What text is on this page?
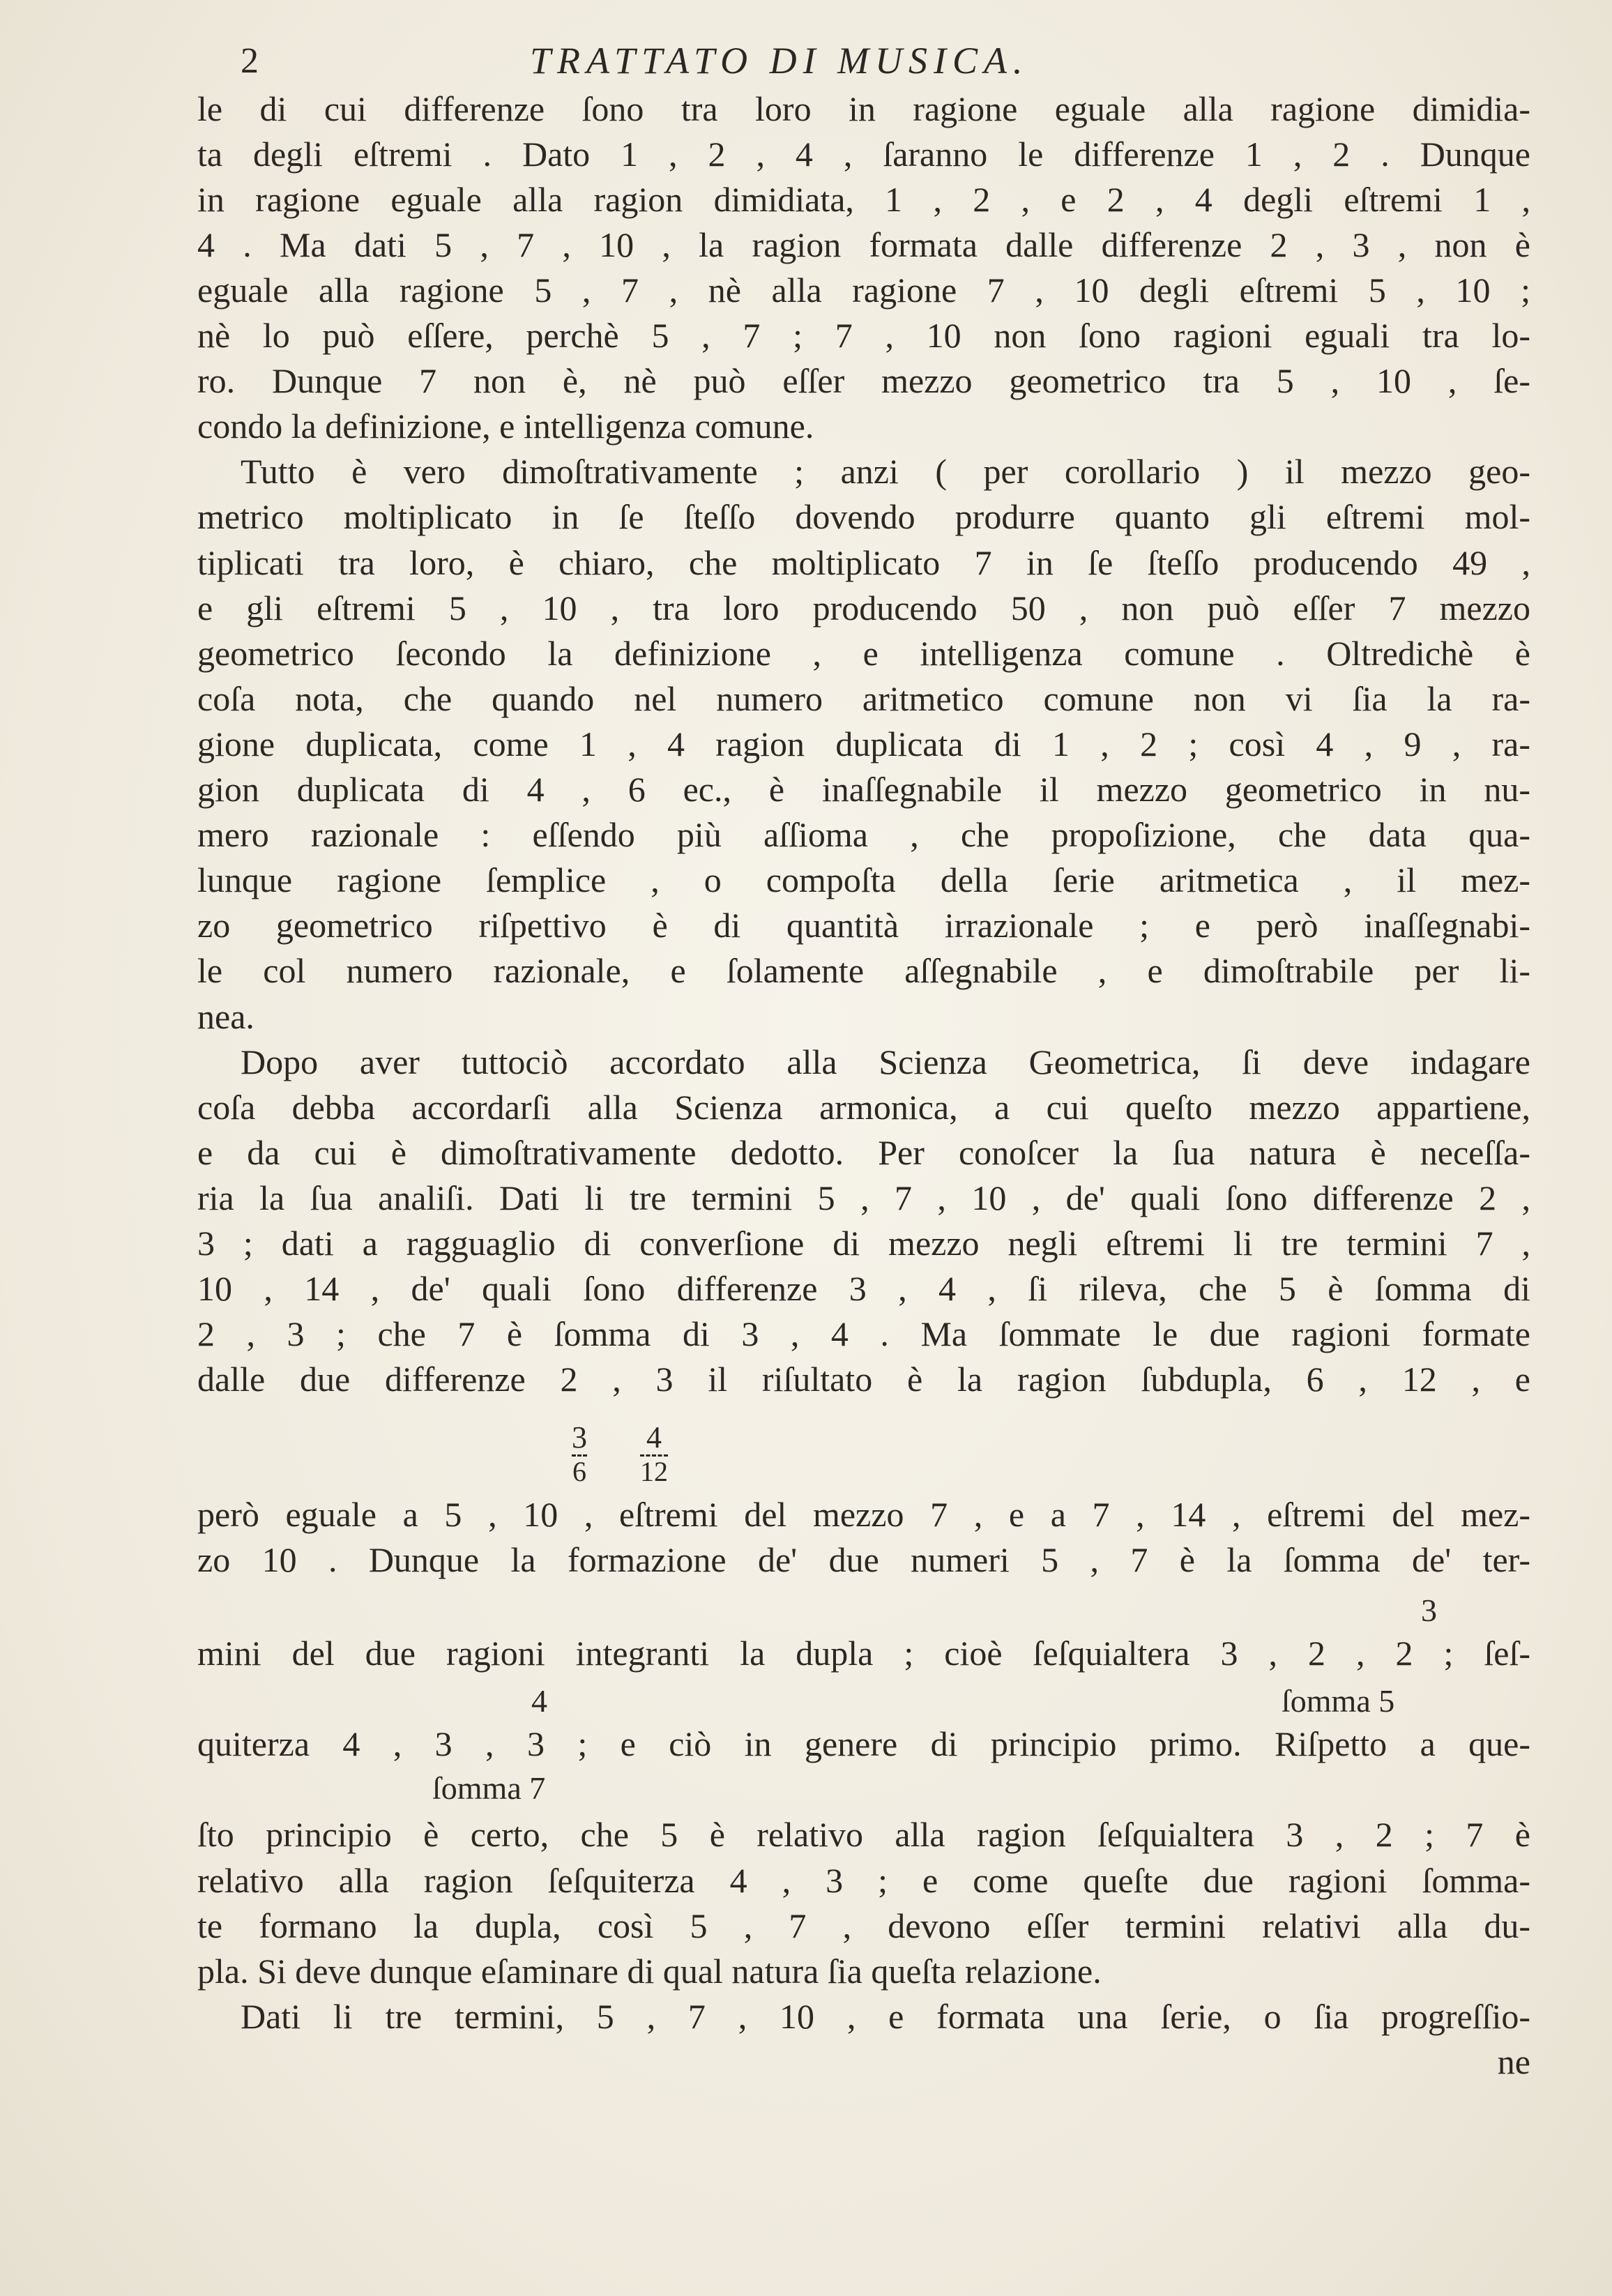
2	TRATTATO DI MUSICA.
le di cui differenze ſono tra loro in ragione eguale alla ragione dimidia-
ta degli eſtremi . Dato 1 , 2 , 4 , ſaranno le differenze 1 , 2 . Dunque
in ragione eguale alla ragion dimidiata, 1 , 2 , e 2 , 4 degli eſtremi 1 ,
4 . Ma dati 5 , 7 , 10 , la ragion formata dalle differenze 2 , 3 , non è
eguale alla ragione 5 , 7 , nè alla ragione 7 , 10 degli eſtremi 5 , 10 ;
nè lo può eſſere, perchè 5 , 7 ; 7 , 10 non ſono ragioni eguali tra lo-
ro. Dunque 7 non è, nè può eſſer mezzo geometrico tra 5 , 10 , ſe-
condo la definizione, e intelligenza comune.
Tutto è vero dimoſtrativamente ; anzi ( per corollario ) il mezzo geo-
metrico moltiplicato in ſe ſteſſo dovendo produrre quanto gli eſtremi mol-
tiplicati tra loro, è chiaro, che moltiplicato 7 in ſe ſteſſo producendo 49 ,
e gli eſtremi 5 , 10 , tra loro producendo 50 , non può eſſer 7 mezzo
geometrico ſecondo la definizione , e intelligenza comune . Oltredichè è
coſa nota, che quando nel numero aritmetico comune non vi ſia la ra-
gione duplicata, come 1 , 4 ragion duplicata di 1 , 2 ; così 4 , 9 , ra-
gion duplicata di 4 , 6 ec., è inaſſegnabile il mezzo geometrico in nu-
mero razionale : eſſendo più aſſioma , che propoſizione, che data qua-
lunque ragione ſemplice , o compoſta della ſerie aritmetica , il mez-
zo geometrico riſpettivo è di quantità irrazionale ; e però inaſſegnabi-
le col numero razionale, e ſolamente aſſegnabile , e dimoſtrabile per li-
nea.
Dopo aver tuttociò accordato alla Scienza Geometrica, ſi deve indagare
coſa debba accordarſi alla Scienza armonica, a cui queſto mezzo appartiene,
e da cui è dimoſtrativamente dedotto. Per conoſcer la ſua natura è neceſſa-
ria la ſua analiſi. Dati li tre termini 5 , 7 , 10 , de' quali ſono differenze 2 ,
3 ; dati a ragguaglio di converſione di mezzo negli eſtremi li tre termini 7 ,
10 , 14 , de' quali ſono differenze 3 , 4 , ſi rileva, che 5 è ſomma di
2 , 3 ; che 7 è ſomma di 3 , 4 . Ma ſommate le due ragioni formate
dalle due differenze 2 , 3 il riſultato è la ragion ſubdupla, 6 , 12 , e
però eguale a 5 , 10 , eſtremi del mezzo 7 , e a 7 , 14 , eſtremi del mez-
zo 10 . Dunque la formazione de' due numeri 5 , 7 è la ſomma de' ter-
mini del due ragioni integranti la dupla ; cioè ſeſquialtera 3 , 2 , 2 ; ſeſ-
quiterza 4 , 3 , 3 ; e ciò in genere di principio primo. Riſpetto a que-
ſto principio è certo, che 5 è relativo alla ragion ſeſquialtera 3 , 2 ; 7 è
relativo alla ragion ſeſquiterza 4 , 3 ; e come queſte due ragioni ſomma-
te formano la dupla, così 5 , 7 , devono eſſer termini relativi alla du-
pla. Si deve dunque eſaminare di qual natura ſia queſta relazione.
Dati li tre termini, 5 , 7 , 10 , e formata una ſerie, o ſia progreſſio-
ne
$\frac{3}{6} \frac{4}{12}$
3
ſomma 5
4
ſomma 7
